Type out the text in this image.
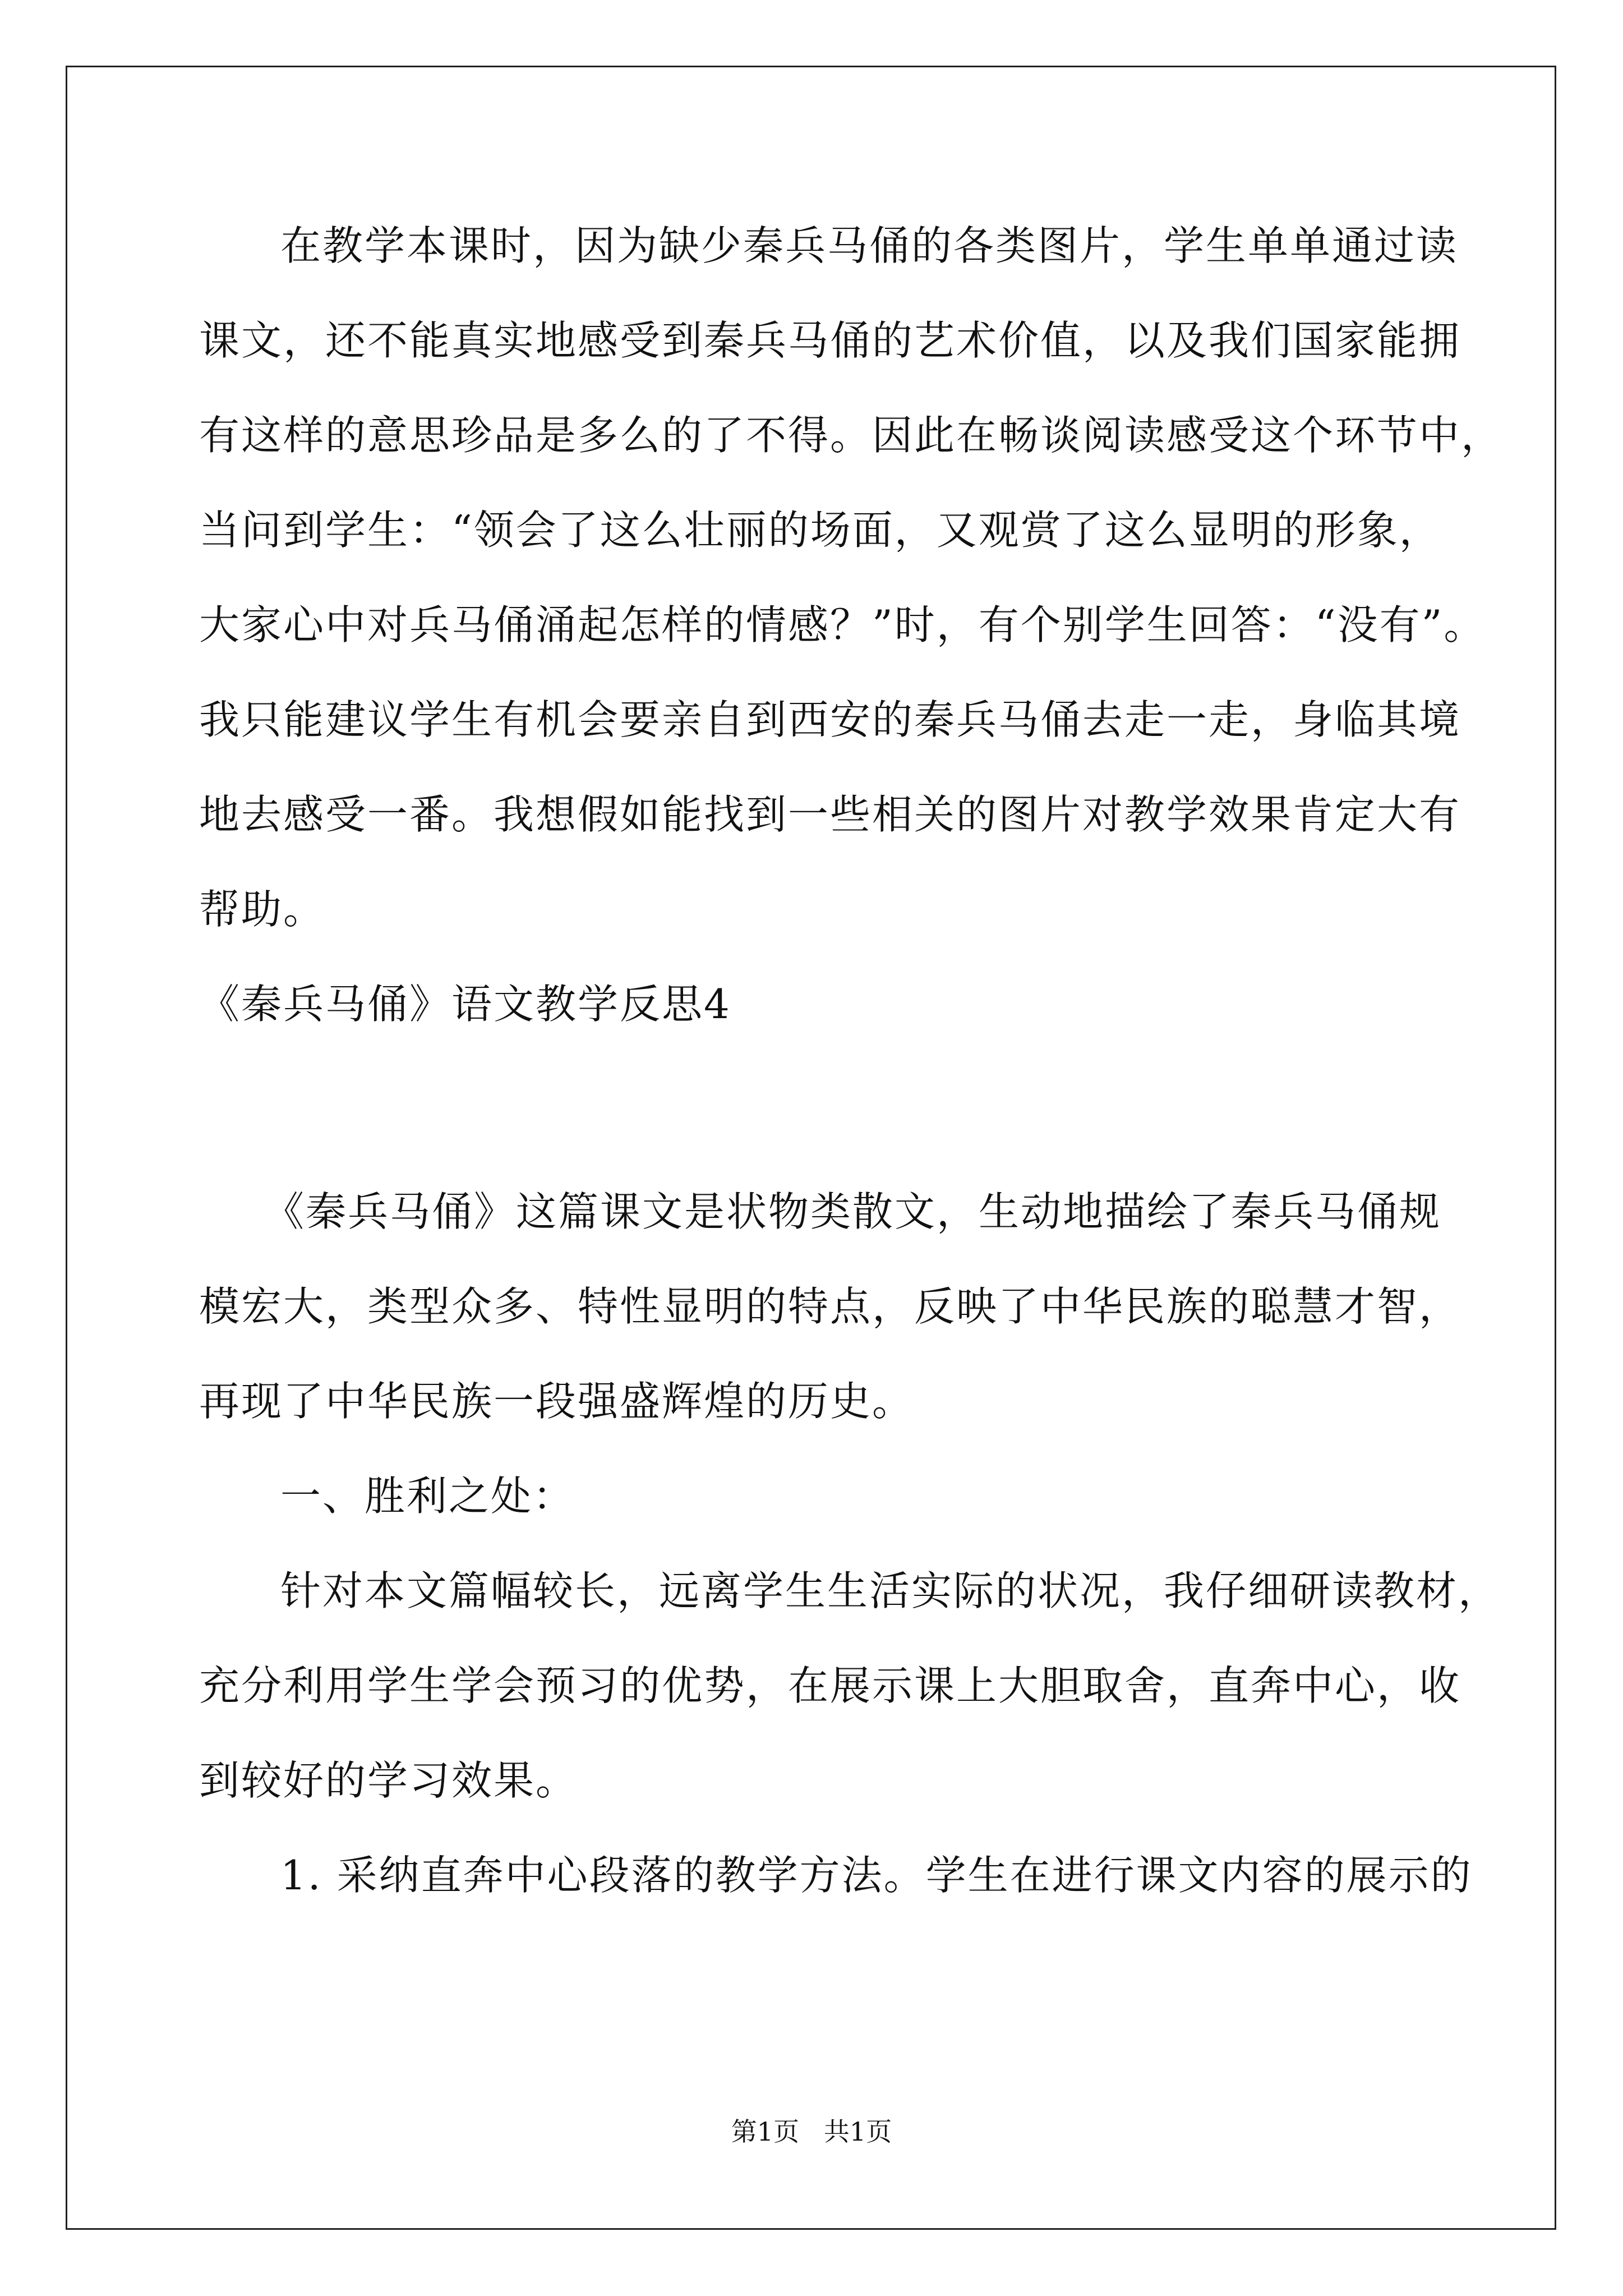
在教学本课时，因为缺少秦兵马俑的各类图片，学生单单通过读
课文，还不能真实地感受到秦兵马俑的艺术价值，以及我们国家能拥
有这样的意思珍品是多么的了不得。因此在畅谈阅读感受这个环节中，
当问到学生：“领会了这么壮丽的场面，又观赏了这么显明的形象，
大家心中对兵马俑涌起怎样的情感？”时，有个别学生回答：“没有”。
我只能建议学生有机会要亲自到西安的秦兵马俑去走一走，身临其境
地去感受一番。我想假如能找到一些相关的图片对教学效果肯定大有
帮助。
《秦兵马俑》语文教学反思4
《秦兵马俑》这篇课文是状物类散文，生动地描绘了秦兵马俑规
模宏大，类型众多、特性显明的特点，反映了中华民族的聪慧才智，
再现了中华民族一段强盛辉煌的历史。
一、胜利之处：
针对本文篇幅较长，远离学生生活实际的状况，我仔细研读教材，
充分利用学生学会预习的优势，在展示课上大胆取舍，直奔中心，收
到较好的学习效果。
1. 采纳直奔中心段落的教学方法。学生在进行课文内容的展示的
第1页   共1页
